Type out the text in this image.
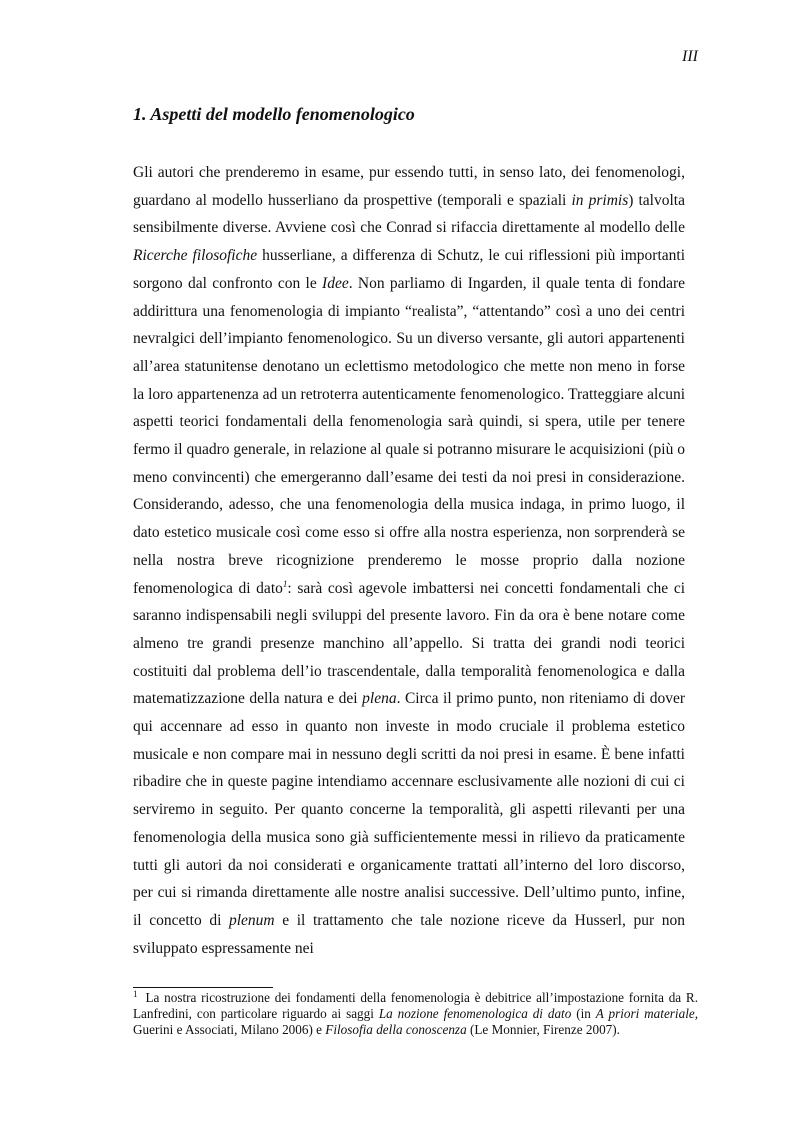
III
1. Aspetti del modello fenomenologico

Gli autori che prenderemo in esame, pur essendo tutti, in senso lato, dei fenomenologi, guardano al modello husserliano da prospettive (temporali e spaziali in primis) talvolta sensibilmente diverse. Avviene così che Conrad si rifaccia direttamente al modello delle Ricerche filosofiche husserliane, a differenza di Schutz, le cui riflessioni più importanti sorgono dal confronto con le Idee. Non parliamo di Ingarden, il quale tenta di fondare addirittura una fenomenologia di impianto “realista”, “attentando” così a uno dei centri nevralgici dell’impianto fenomenologico. Su un diverso versante, gli autori appartenenti all’area statunitense denotano un eclettismo metodologico che mette non meno in forse la loro appartenenza ad un retroterra autenticamente fenomenologico. Tratteggiare alcuni aspetti teorici fondamentali della fenomenologia sarà quindi, si spera, utile per tenere fermo il quadro generale, in relazione al quale si potranno misurare le acquisizioni (più o meno convincenti) che emergeranno dall’esame dei testi da noi presi in considerazione. Considerando, adesso, che una fenomenologia della musica indaga, in primo luogo, il dato estetico musicale così come esso si offre alla nostra esperienza, non sorprenderà se nella nostra breve ricognizione prenderemo le mosse proprio dalla nozione fenomenologica di dato$^1$: sarà così agevole imbattersi nei concetti fondamentali che ci saranno indispensabili negli sviluppi del presente lavoro. Fin da ora è bene notare come almeno tre grandi presenze manchino all’appello. Si tratta dei grandi nodi teorici costituiti dal problema dell’io trascendentale, dalla temporalità fenomenologica e dalla matematizzazione della natura e dei plena. Circa il primo punto, non riteniamo di dover qui accennare ad esso in quanto non investe in modo cruciale il problema estetico musicale e non compare mai in nessuno degli scritti da noi presi in esame. È bene infatti ribadire che in queste pagine intendiamo accennare esclusivamente alle nozioni di cui ci serviremo in seguito. Per quanto concerne la temporalità, gli aspetti rilevanti per una fenomenologia della musica sono già sufficientemente messi in rilievo da praticamente tutti gli autori da noi considerati e organicamente trattati all’interno del loro discorso, per cui si rimanda direttamente alle nostre analisi successive. Dell’ultimo punto, infine, il concetto di plenum e il trattamento che tale nozione riceve da Husserl, pur non sviluppato espressamente nei

$^1$ La nostra ricostruzione dei fondamenti della fenomenologia è debitrice all’impostazione fornita da R. Lanfredini, con particolare riguardo ai saggi La nozione fenomenologica di dato (in A priori materiale, Guerini e Associati, Milano 2006) e Filosofia della conoscenza (Le Monnier, Firenze 2007).
